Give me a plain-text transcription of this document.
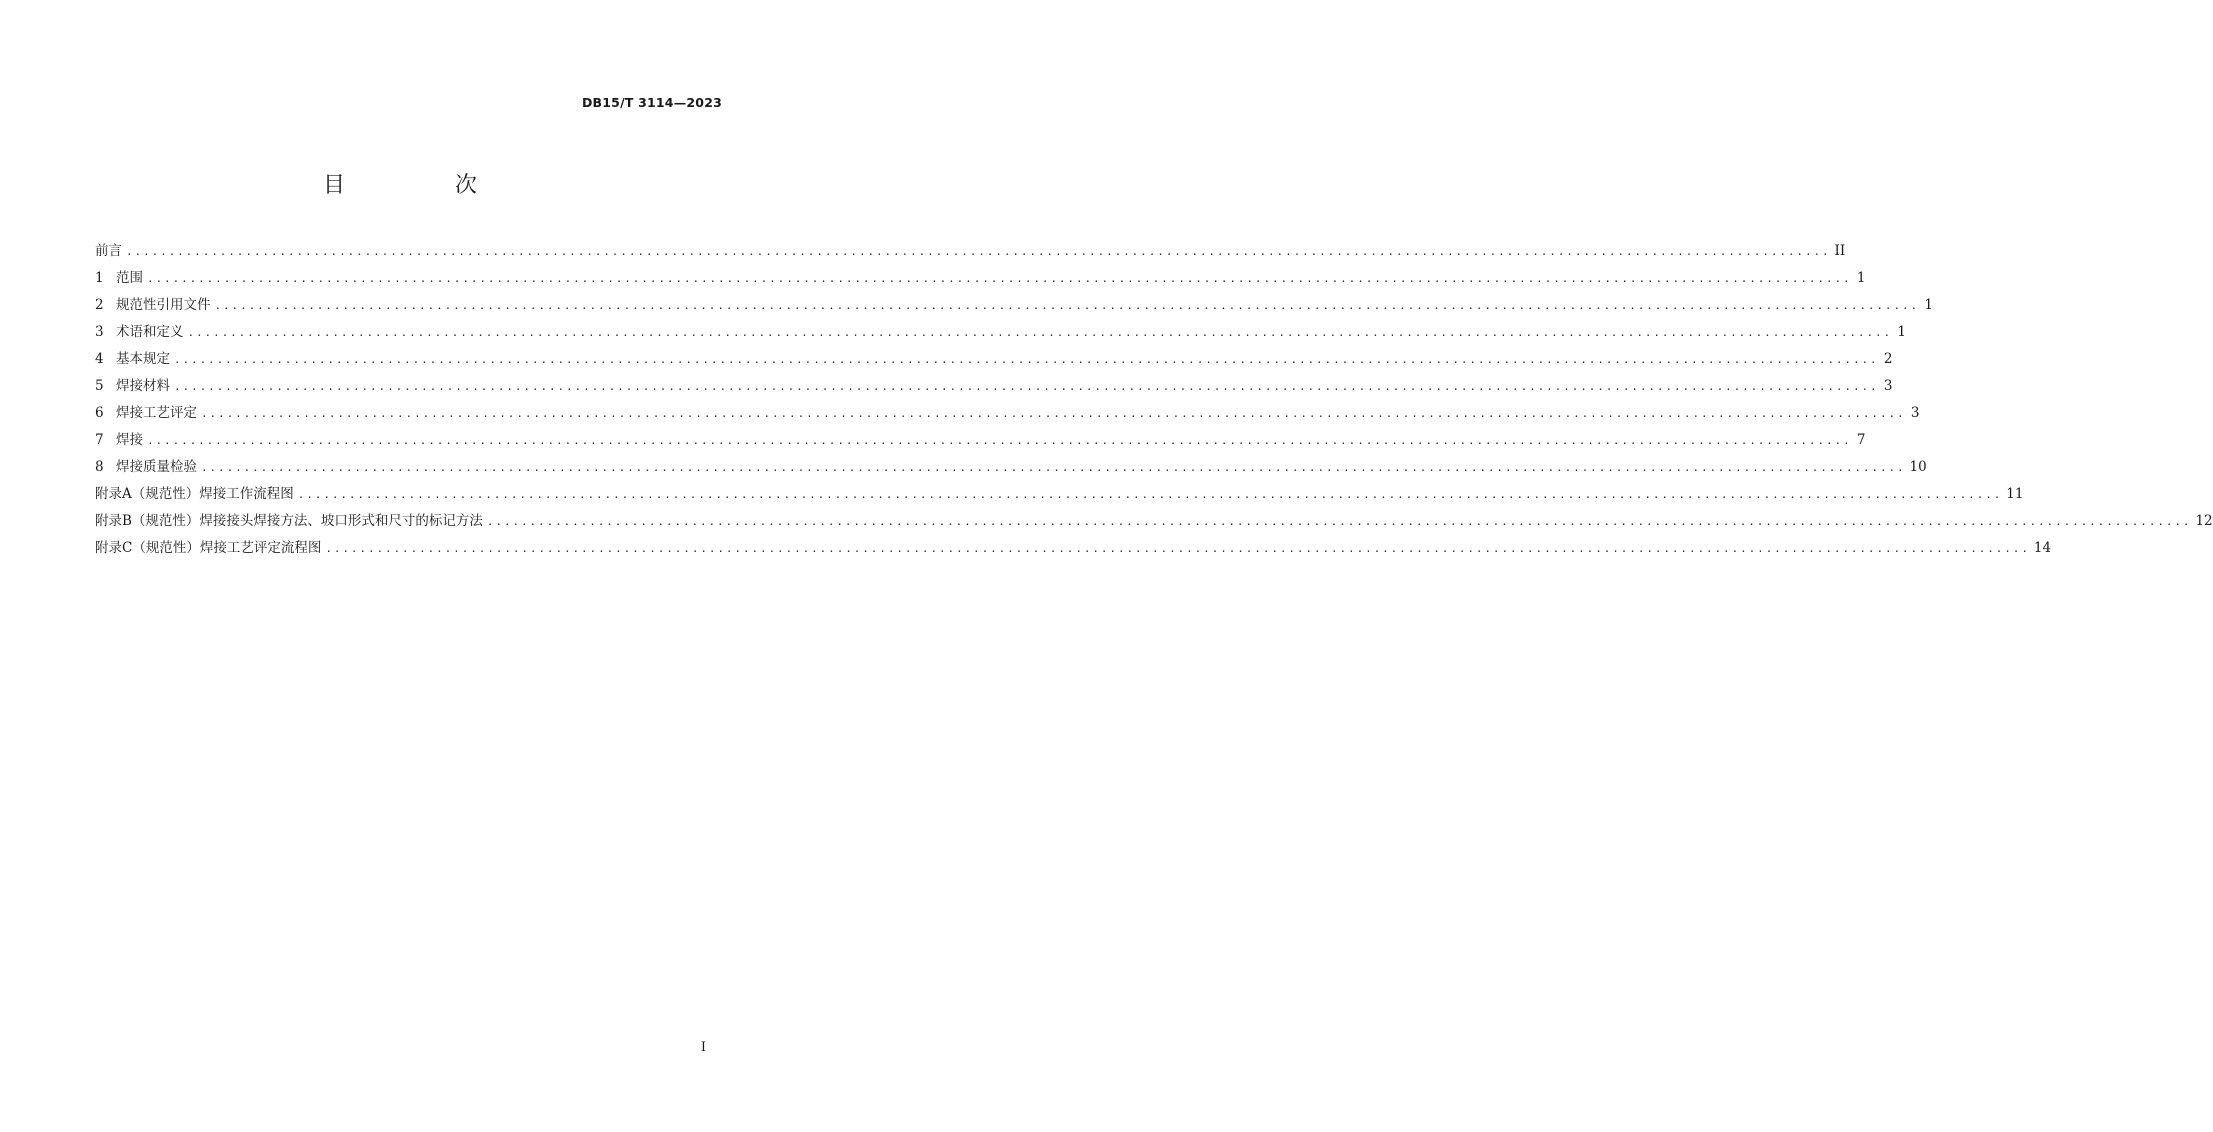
DB15/T 3114—2023
目　次
前言 ........................................................................................................................................................................................................ II
1 范围 ........................................................................................................................................................................................................ 1
2 规范性引用文件 ........................................................................................................................................................................................................ 1
3 术语和定义 ........................................................................................................................................................................................................ 1
4 基本规定 ........................................................................................................................................................................................................ 2
5 焊接材料 ........................................................................................................................................................................................................ 3
6 焊接工艺评定 ........................................................................................................................................................................................................ 3
7 焊接 ........................................................................................................................................................................................................ 7
8 焊接质量检验 ........................................................................................................................................................................................................ 10
附录A（规范性） 焊接工作流程图 ........................................................................................................................................................................................................ 11
附录B（规范性） 焊接接头焊接方法、坡口形式和尺寸的标记方法 ........................................................................................................................................................................................................ 12
附录C（规范性） 焊接工艺评定流程图 ........................................................................................................................................................................................................ 14
I
